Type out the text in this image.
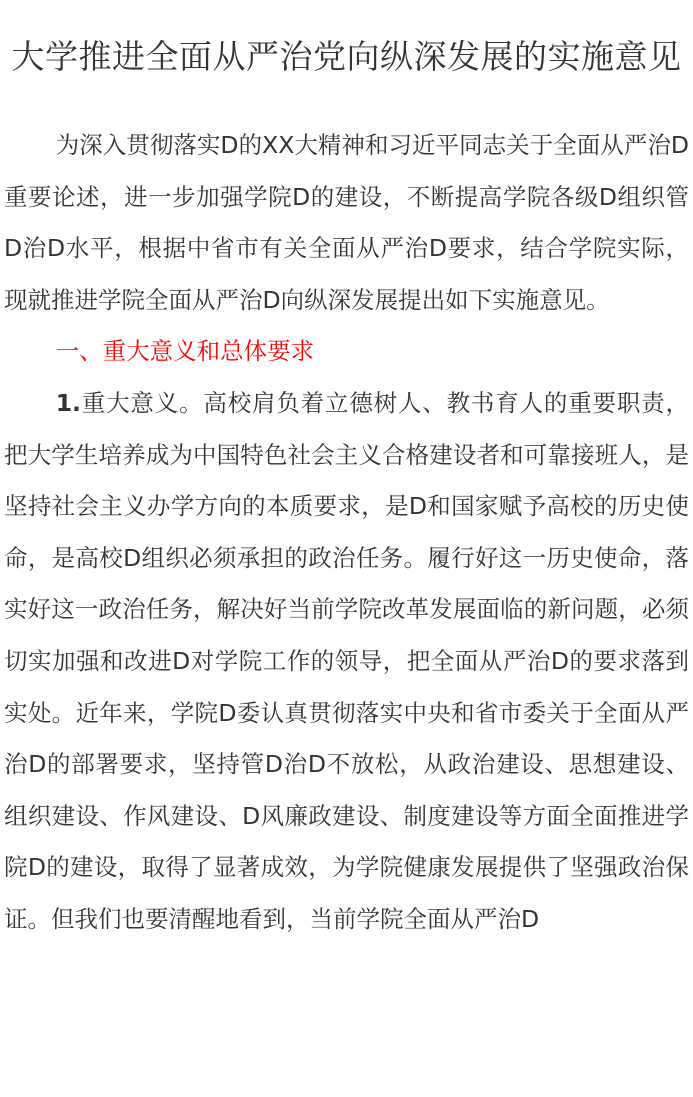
大学推进全面从严治党向纵深发展的实施意见

为深入贯彻落实D的XX大精神和习近平同志关于全面从严治D重要论述，进一步加强学院D的建设，不断提高学院各级D组织管D治D水平，根据中省市有关全面从严治D要求，结合学院实际，现就推进学院全面从严治D向纵深发展提出如下实施意见。

一、重大意义和总体要求

1.重大意义。高校肩负着立德树人、教书育人的重要职责，把大学生培养成为中国特色社会主义合格建设者和可靠接班人，是坚持社会主义办学方向的本质要求，是D和国家赋予高校的历史使命，是高校D组织必须承担的政治任务。履行好这一历史使命，落实好这一政治任务，解决好当前学院改革发展面临的新问题，必须切实加强和改进D对学院工作的领导，把全面从严治D的要求落到实处。近年来，学院D委认真贯彻落实中央和省市委关于全面从严治D的部署要求，坚持管D治D不放松，从政治建设、思想建设、组织建设、作风建设、D风廉政建设、制度建设等方面全面推进学院D的建设，取得了显著成效，为学院健康发展提供了坚强政治保证。但我们也要清醒地看到，当前学院全面从严治D
